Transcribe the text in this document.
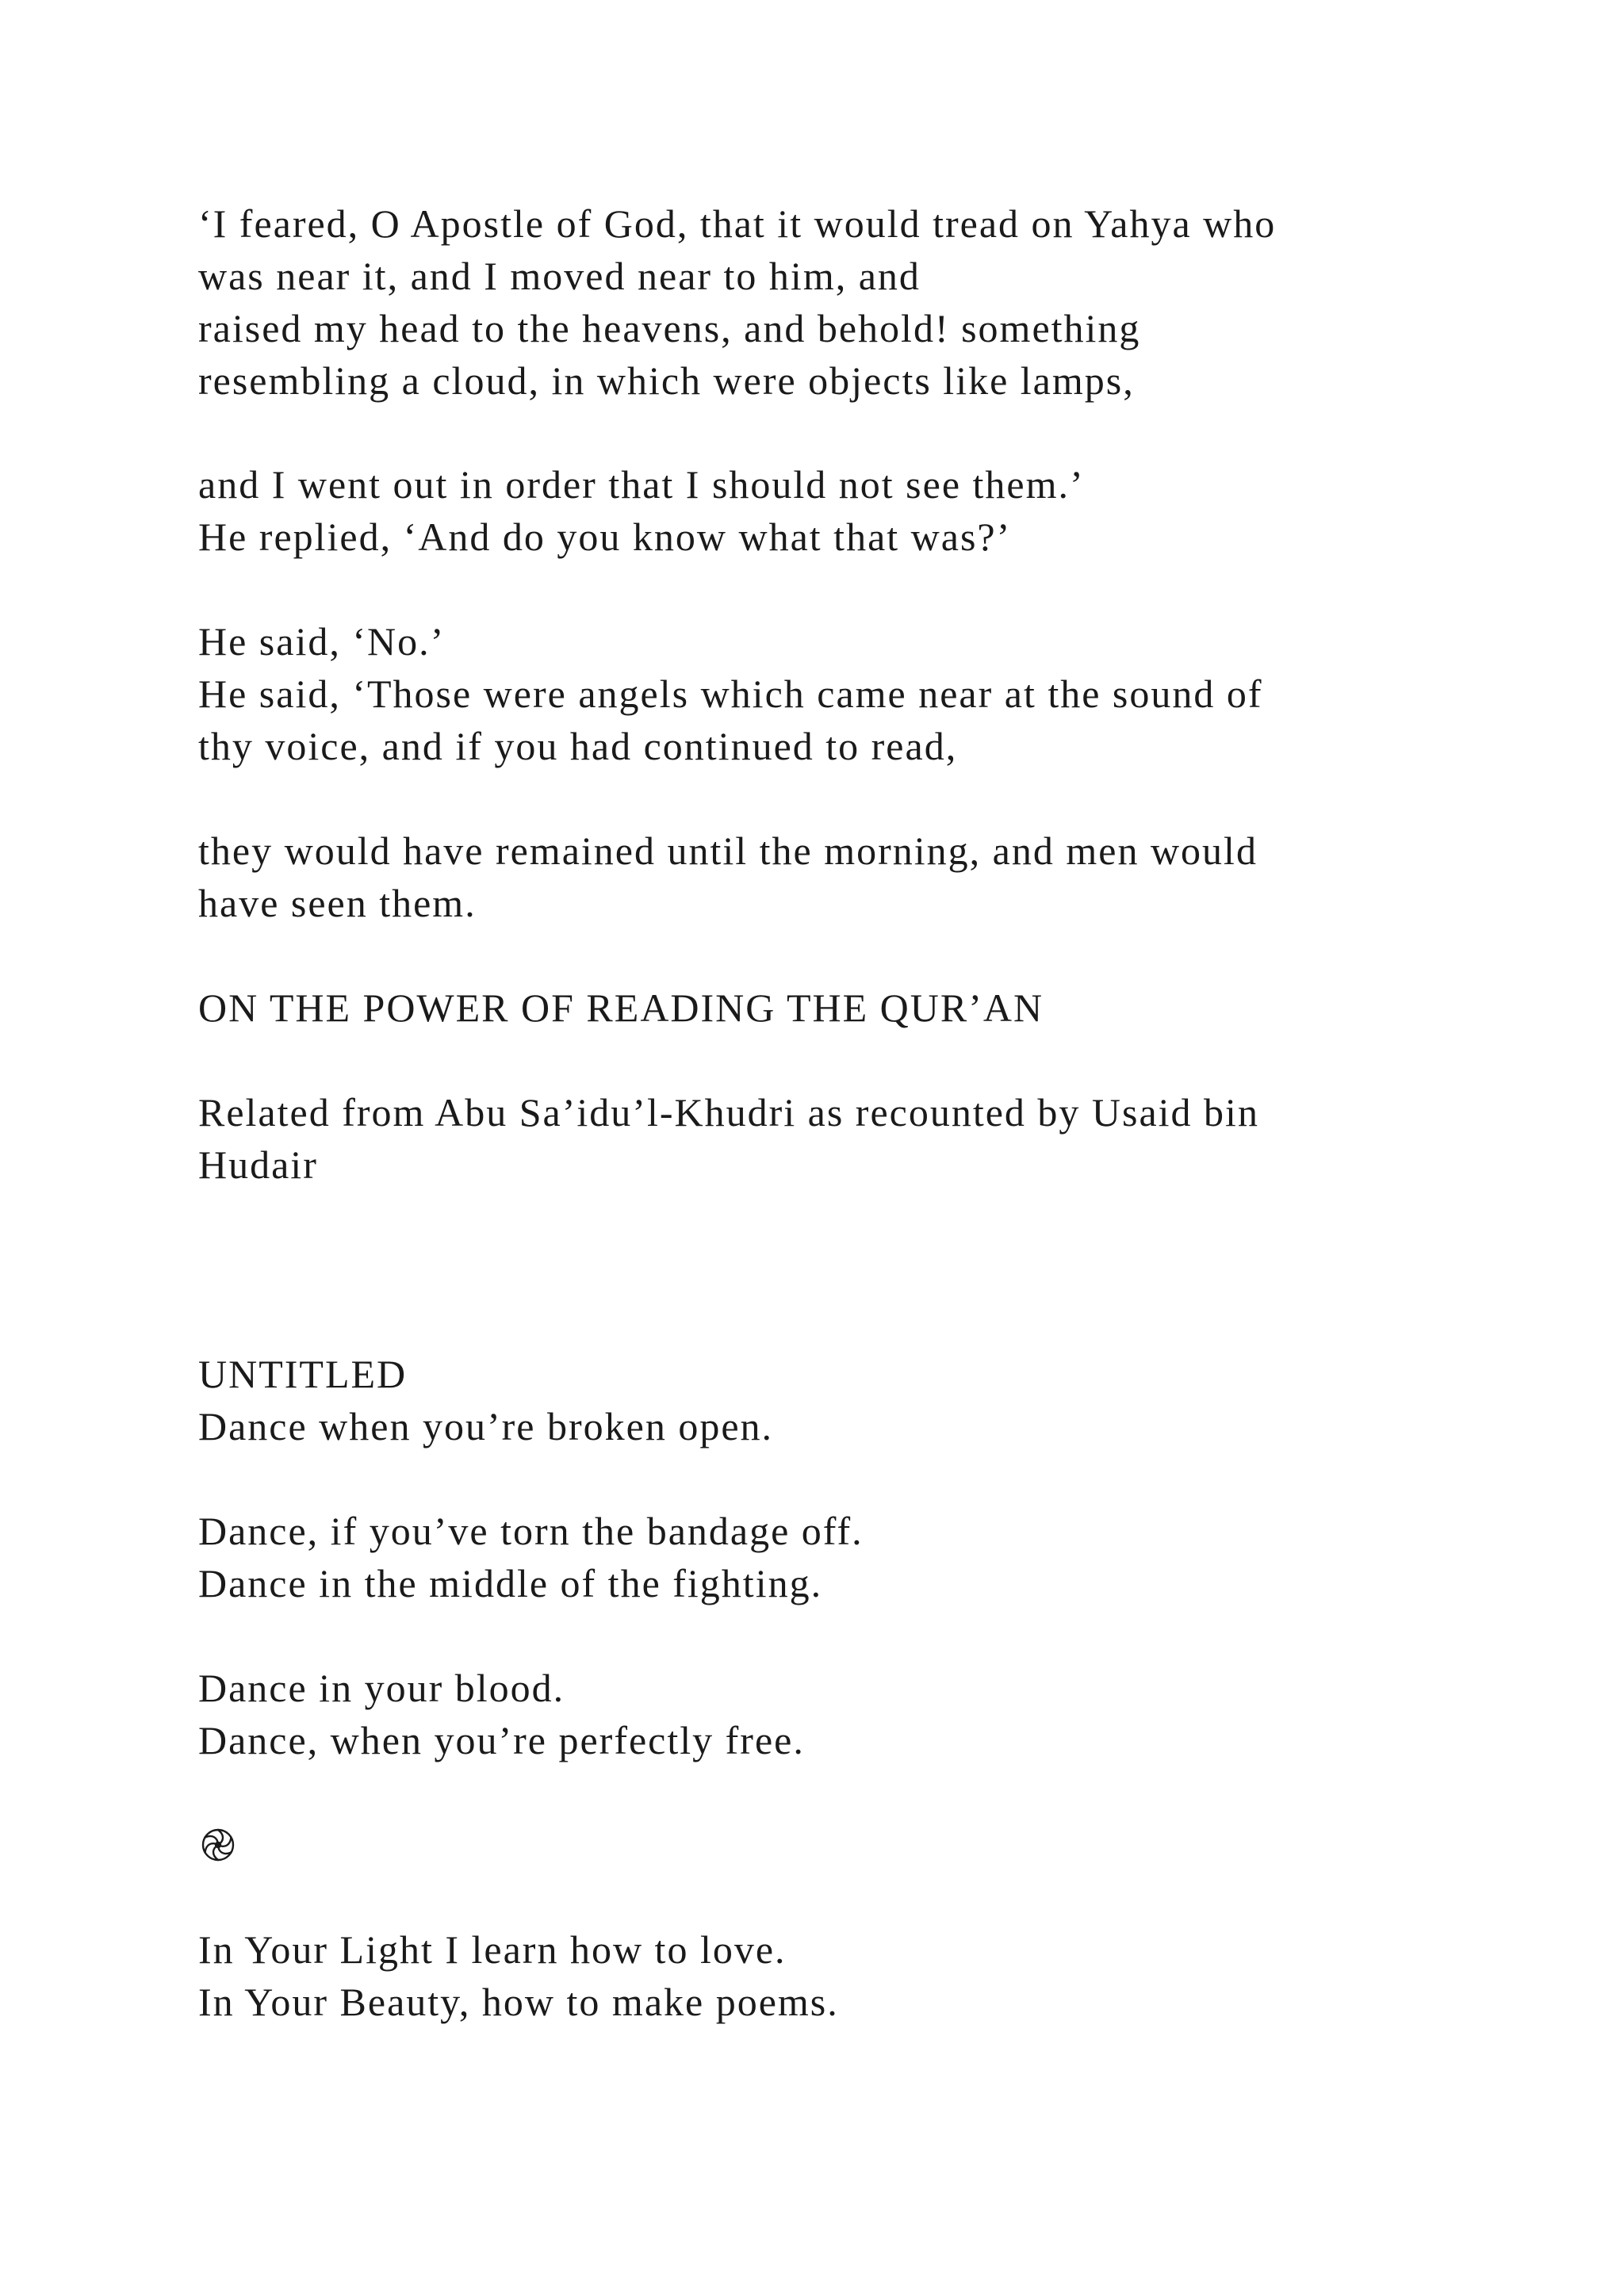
‘I feared, O Apostle of God, that it would tread on Yahya who

was near it, and I moved near to him, and

raised my head to the heavens, and behold! something

resembling a cloud, in which were objects like lamps,

and I went out in order that I should not see them.’

He replied, ‘And do you know what that was?’

He said, ‘No.’

He said, ‘Those were angels which came near at the sound of

thy voice, and if you had continued to read,

they would have remained until the morning, and men would

have seen them.

ON THE POWER OF READING THE QUR’AN

Related from Abu Sa’idu’l-Khudri as recounted by Usaid bin

Hudair

UNTITLED

Dance when you’re broken open.

Dance, if you’ve torn the bandage off.

Dance in the middle of the fighting.

Dance in your blood.

Dance, when you’re perfectly free.

In Your Light I learn how to love.

In Your Beauty, how to make poems.
